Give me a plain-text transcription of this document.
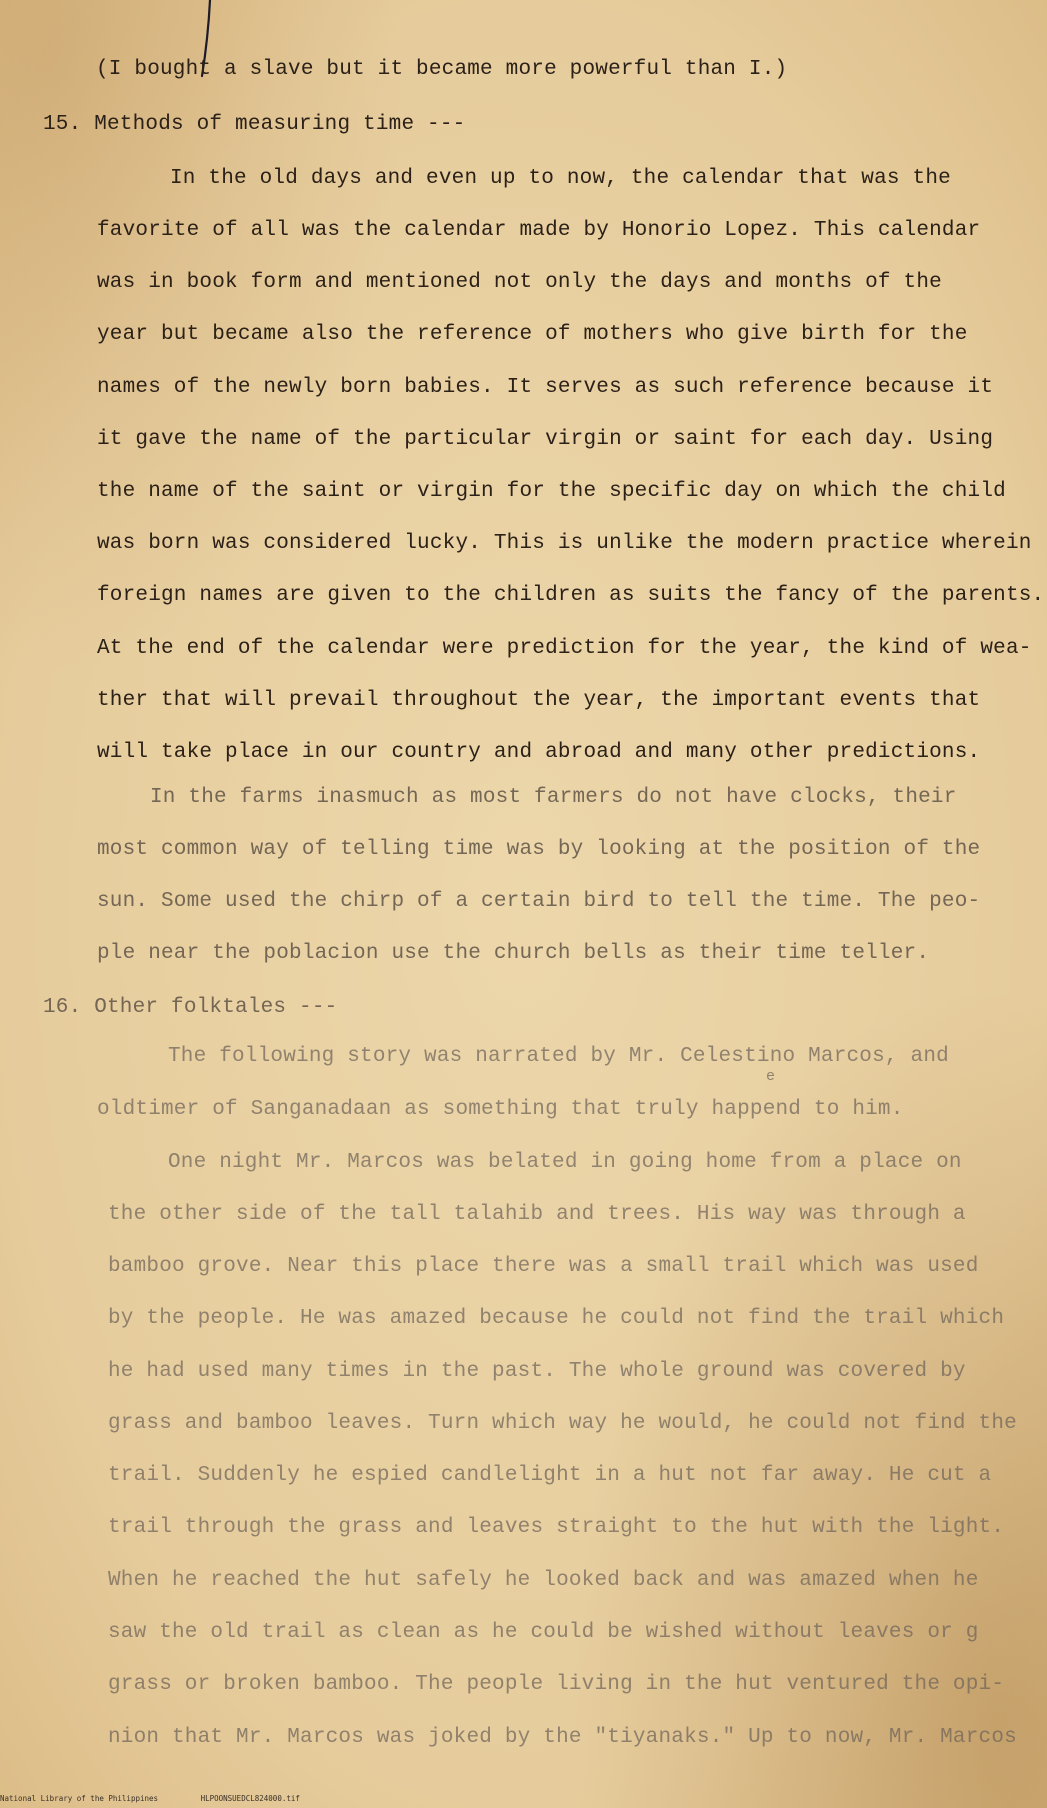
(I bought a slave but it became more powerful than I.)
15. Methods of measuring time ---
In the old days and even up to now, the calendar that was the
favorite of all was the calendar made by Honorio Lopez. This calendar
was in book form and mentioned not only the days and months of the
year but became also the reference of mothers who give birth for the
names of the newly born babies. It serves as such reference because it
it gave the name of the particular virgin or saint for each day. Using
the name of the saint or virgin for the specific day on which the child
was born was considered lucky. This is unlike the modern practice wherein
foreign names are given to the children as suits the fancy of the parents.
At the end of the calendar were prediction for the year, the kind of wea-
ther that will prevail throughout the year, the important events that
will take place in our country and abroad and many other predictions.
In the farms inasmuch as most farmers do not have clocks, their
most common way of telling time was by looking at the position of the
sun. Some used the chirp of a certain bird to tell the time. The peo-
ple near the poblacion use the church bells as their time teller.
16. Other folktales ---
The following story was narrated by Mr. Celestino Marcos, and
e
oldtimer of Sanganadaan as something that truly happend to him.
One night Mr. Marcos was belated in going home from a place on
the other side of the tall talahib and trees. His way was through a
bamboo grove. Near this place there was a small trail which was used
by the people. He was amazed because he could not find the trail which
he had used many times in the past. The whole ground was covered by
grass and bamboo leaves. Turn which way he would, he could not find the
trail. Suddenly he espied candlelight in a hut not far away. He cut a
trail through the grass and leaves straight to the hut with the light.
When he reached the hut safely he looked back and was amazed when he
saw the old trail as clean as he could be wished without leaves or g
grass or broken bamboo. The people living in the hut ventured the opi-
nion that Mr. Marcos was joked by the "tiyanaks." Up to now, Mr. Marcos
National Library of the Philippines	HLPOONSUEDCL824000.tif
